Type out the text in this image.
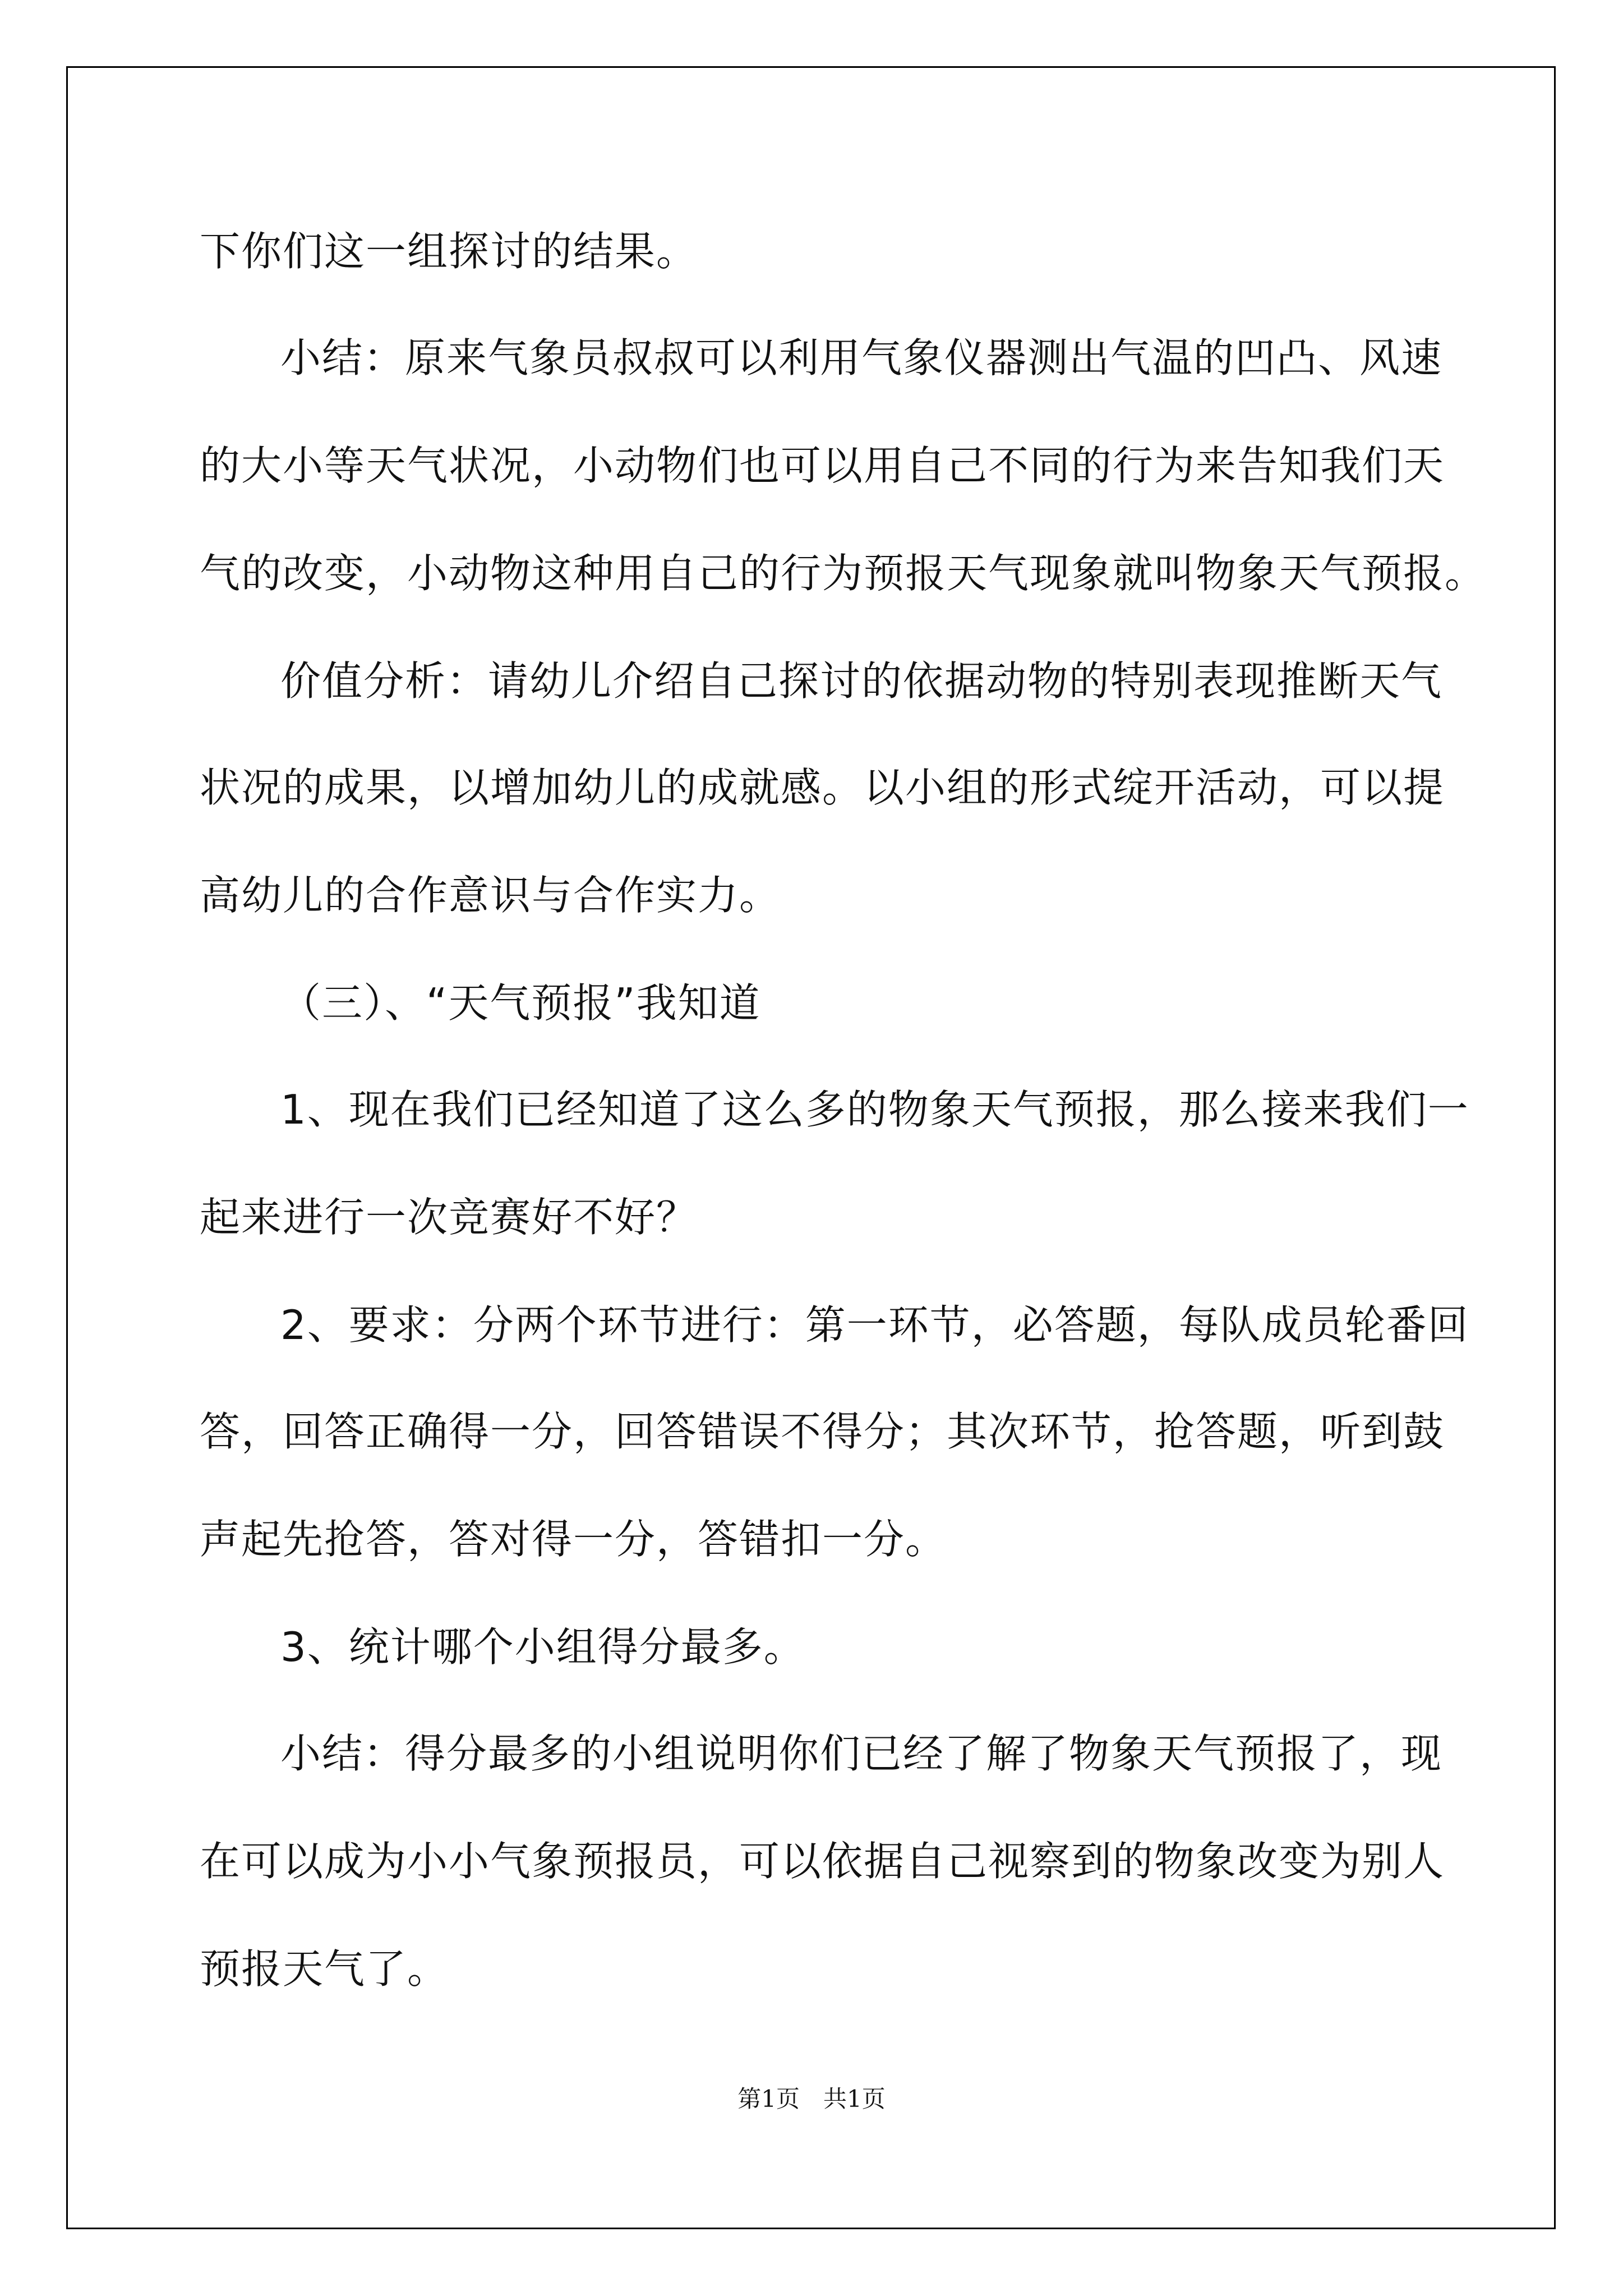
下你们这一组探讨的结果。
小结：原来气象员叔叔可以利用气象仪器测出气温的凹凸、风速
的大小等天气状况，小动物们也可以用自己不同的行为来告知我们天
气的改变，小动物这种用自己的行为预报天气现象就叫物象天气预报。
价值分析：请幼儿介绍自己探讨的依据动物的特别表现推断天气
状况的成果，以增加幼儿的成就感。以小组的形式绽开活动，可以提
高幼儿的合作意识与合作实力。
（三）、“天气预报”我知道
1、现在我们已经知道了这么多的物象天气预报，那么接来我们一
起来进行一次竞赛好不好？
2、要求：分两个环节进行：第一环节，必答题，每队成员轮番回
答，回答正确得一分，回答错误不得分；其次环节，抢答题，听到鼓
声起先抢答，答对得一分，答错扣一分。
3、统计哪个小组得分最多。
小结：得分最多的小组说明你们已经了解了物象天气预报了，现
在可以成为小小气象预报员，可以依据自己视察到的物象改变为别人
预报天气了。
第1页　共1页
